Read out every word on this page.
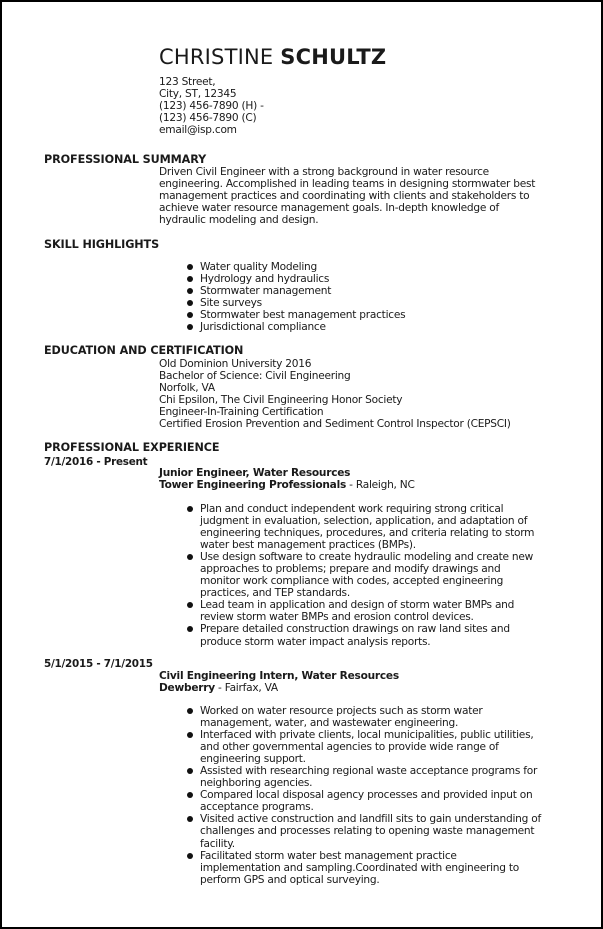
CHRISTINE SCHULTZ
123 Street,
City, ST, 12345
(123) 456-7890 (H) -
(123) 456-7890 (C)
email@isp.com
PROFESSIONAL SUMMARY
Driven Civil Engineer with a strong background in water resource
engineering. Accomplished in leading teams in designing stormwater best
management practices and coordinating with clients and stakeholders to
achieve water resource management goals. In-depth knowledge of
hydraulic modeling and design.
SKILL HIGHLIGHTS
Water quality Modeling
Hydrology and hydraulics
Stormwater management
Site surveys
Stormwater best management practices
Jurisdictional compliance
EDUCATION AND CERTIFICATION
Old Dominion University 2016
Bachelor of Science: Civil Engineering
Norfolk, VA
Chi Epsilon, The Civil Engineering Honor Society
Engineer-In-Training Certification
Certified Erosion Prevention and Sediment Control Inspector (CEPSCI)
PROFESSIONAL EXPERIENCE
7/1/2016 - Present
Junior Engineer, Water Resources
Tower Engineering Professionals - Raleigh, NC
Plan and conduct independent work requiring strong critical
judgment in evaluation, selection, application, and adaptation of
engineering techniques, procedures, and criteria relating to storm
water best management practices (BMPs).
Use design software to create hydraulic modeling and create new
approaches to problems; prepare and modify drawings and
monitor work compliance with codes, accepted engineering
practices, and TEP standards.
Lead team in application and design of storm water BMPs and
review storm water BMPs and erosion control devices.
Prepare detailed construction drawings on raw land sites and
produce storm water impact analysis reports.
5/1/2015 - 7/1/2015
Civil Engineering Intern, Water Resources
Dewberry - Fairfax, VA
Worked on water resource projects such as storm water
management, water, and wastewater engineering.
Interfaced with private clients, local municipalities, public utilities,
and other governmental agencies to provide wide range of
engineering support.
Assisted with researching regional waste acceptance programs for
neighboring agencies.
Compared local disposal agency processes and provided input on
acceptance programs.
Visited active construction and landfill sits to gain understanding of
challenges and processes relating to opening waste management
facility.
Facilitated storm water best management practice
implementation and sampling.Coordinated with engineering to
perform GPS and optical surveying.
